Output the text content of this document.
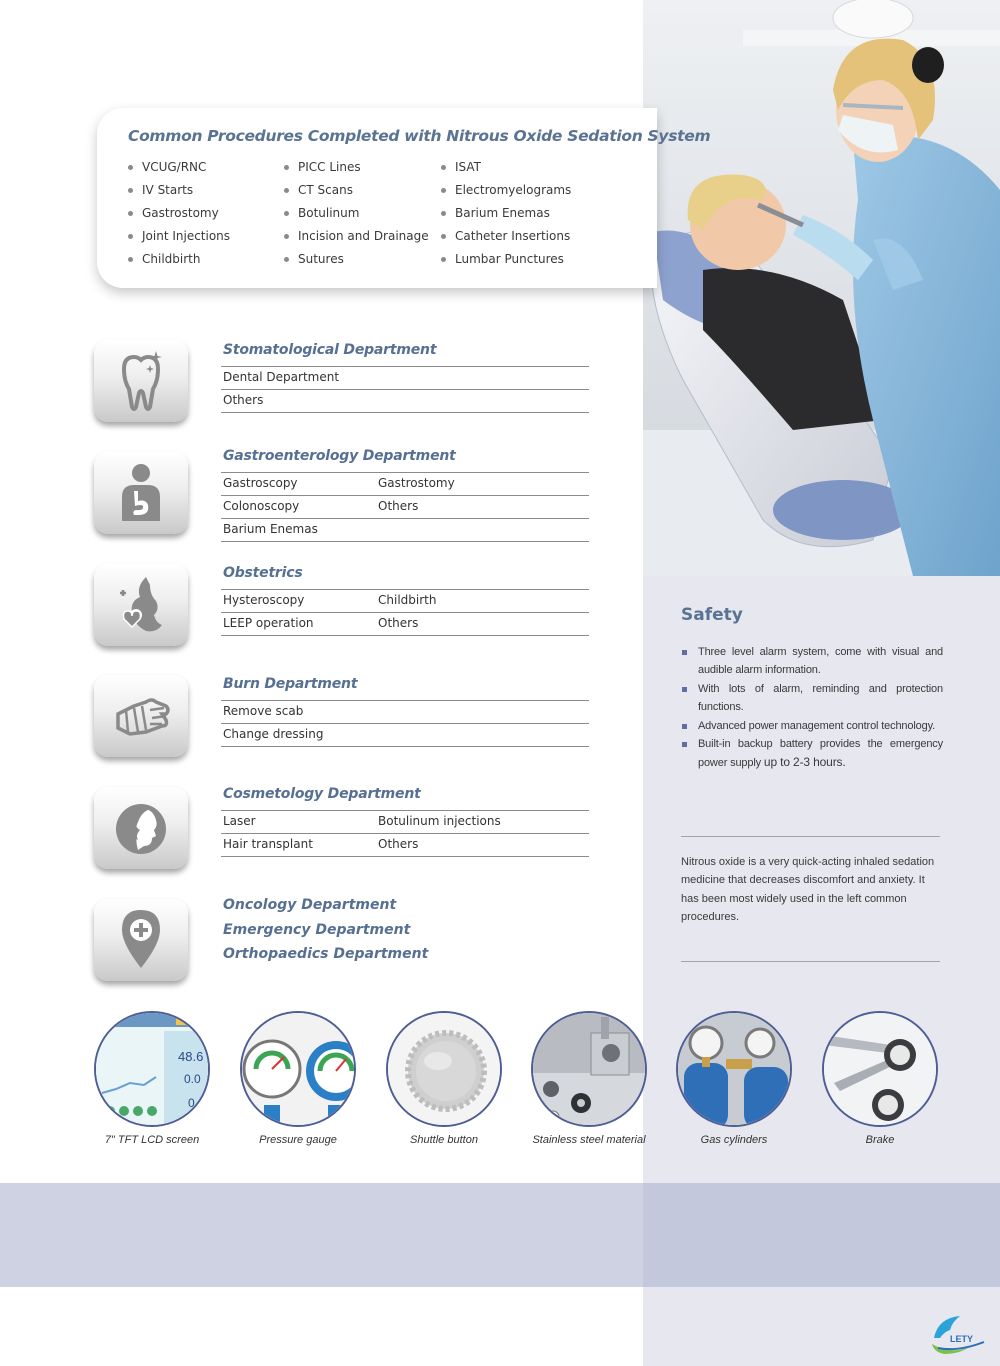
Common Procedures Completed with Nitrous Oxide Sedation System
VCUG/RNC
IV Starts
Gastrostomy
Joint Injections
Childbirth
PICC Lines
CT Scans
Botulinum
Incision and Drainage
Sutures
ISAT
Electromyelograms
Barium Enemas
Catheter Insertions
Lumbar Punctures
Stomatological Department
Dental Department
Others
Gastroenterology Department
Gastroscopy	Gastrostomy
Colonoscopy	Others
Barium Enemas
Obstetrics
Hysteroscopy	Childbirth
LEEP operation	Others
Burn Department
Remove scab
Change dressing
Cosmetology Department
Laser	Botulinum injections
Hair transplant	Others
Oncology Department
Emergency Department
Orthopaedics Department
Safety
Three level alarm system, come with visual and audible alarm information.
With lots of alarm, reminding and protection functions.
Advanced power management control technology.
Built-in backup battery provides the emergency power supply up to 2-3 hours.
Nitrous oxide is a very quick-acting inhaled sedation medicine that decreases discomfort and anxiety. It has been most widely used in the left common procedures.
48.6
0.0
0
7" TFT LCD screen	Pressure gauge	Shuttle button	Stainless steel material	Gas cylinders	Brake
LETY
